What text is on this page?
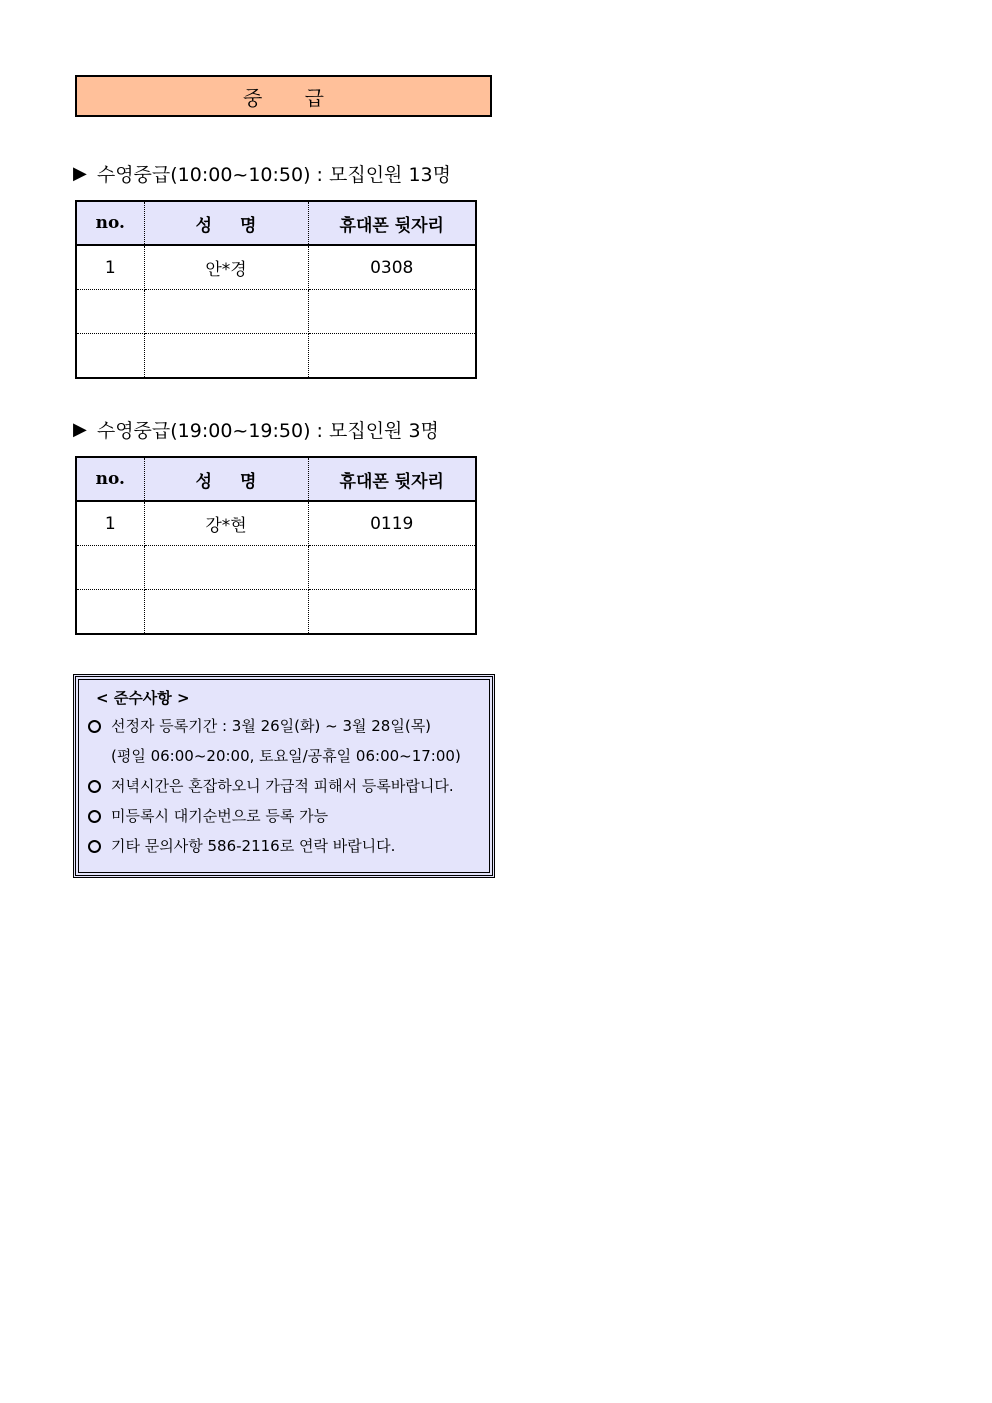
중 급
▶ 수영중급(10:00~10:50) : 모집인원 13명
no.	성 명	휴대폰 뒷자리
1	안*경	0308

▶ 수영중급(19:00~19:50) : 모집인원 3명
no.	성 명	휴대폰 뒷자리
1	강*현	0119

< 준수사항 >
선정자 등록기간 : 3월 26일(화) ~ 3월 28일(목)
(평일 06:00~20:00, 토요일/공휴일 06:00~17:00)
저녁시간은 혼잡하오니 가급적 피해서 등록바랍니다.
미등록시 대기순번으로 등록 가능
기타 문의사항 586-2116로 연락 바랍니다.
